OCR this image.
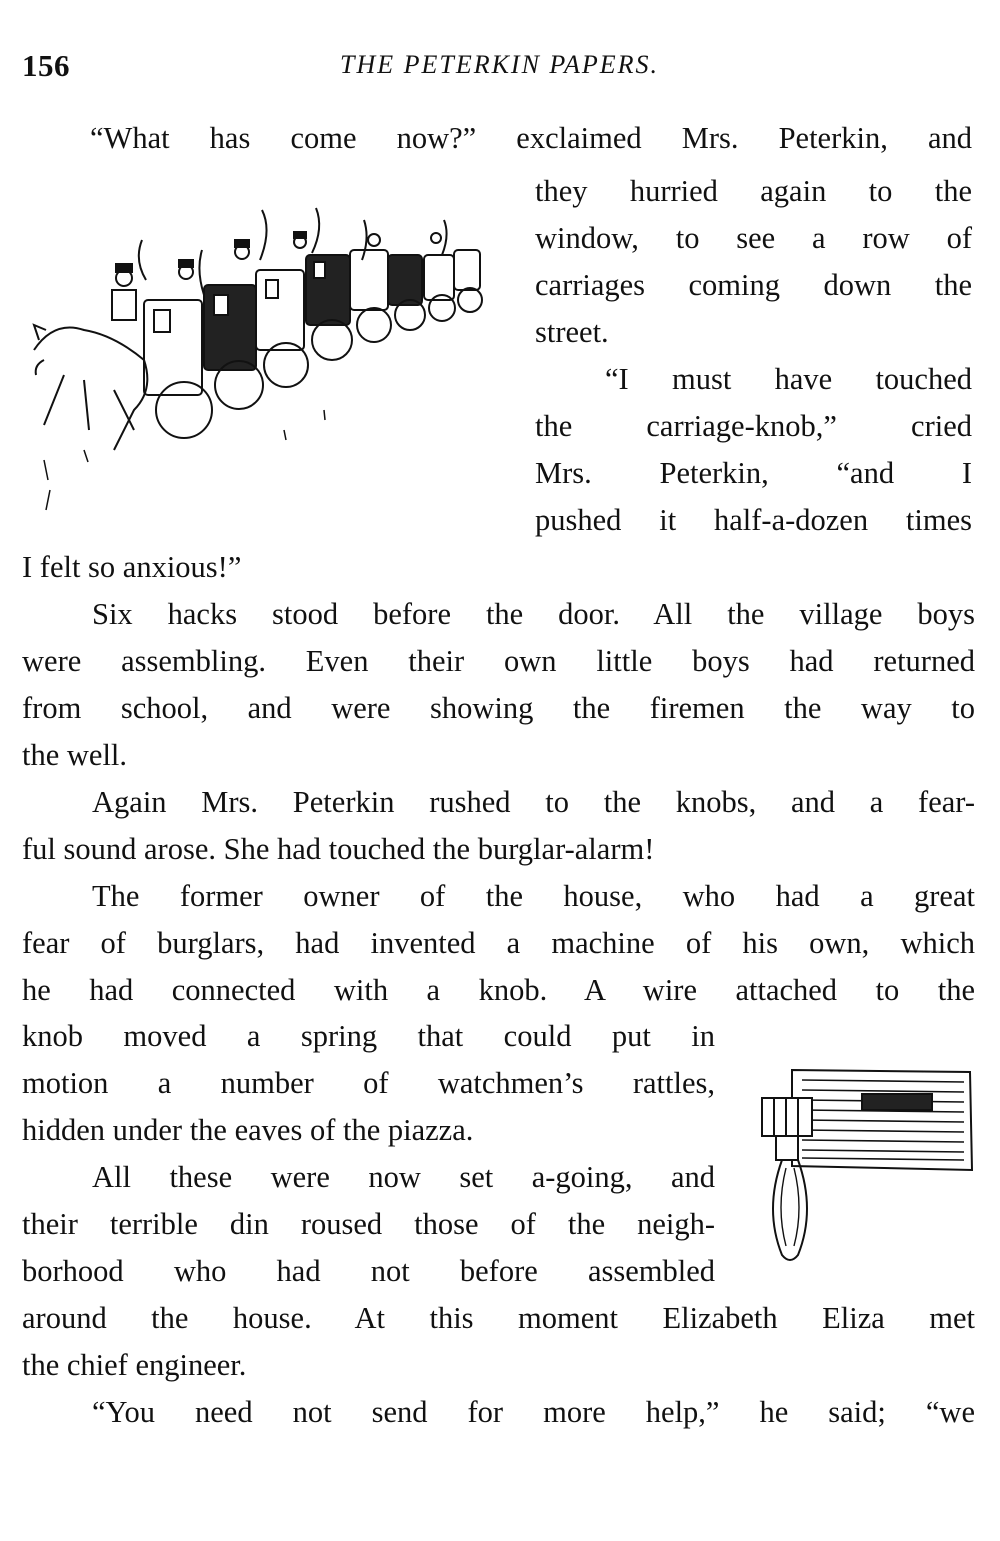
THE PETERKIN PAPERS.
156
“What has come now?” exclaimed Mrs. Peterkin, and
they hurried again to the
window, to see a row of
carriages coming down the
street.
“I must have touched
the carriage-knob,” cried
Mrs. Peterkin, “and I
pushed it half-a-dozen times
I felt so anxious!”
Six hacks stood before the door. All the village boys
were assembling. Even their own little boys had returned
from school, and were showing the firemen the way to
the well.
Again Mrs. Peterkin rushed to the knobs, and a fear-
ful sound arose. She had touched the burglar-alarm!
The former owner of the house, who had a great
fear of burglars, had invented a machine of his own, which
he had connected with a knob. A wire attached to the
knob moved a spring that could put in
motion a number of watchmen’s rattles,
hidden under the eaves of the piazza.
All these were now set a-going, and
their terrible din roused those of the neigh-
borhood who had not before assembled
around the house. At this moment Elizabeth Eliza met
the chief engineer.
“You need not send for more help,” he said; “we
